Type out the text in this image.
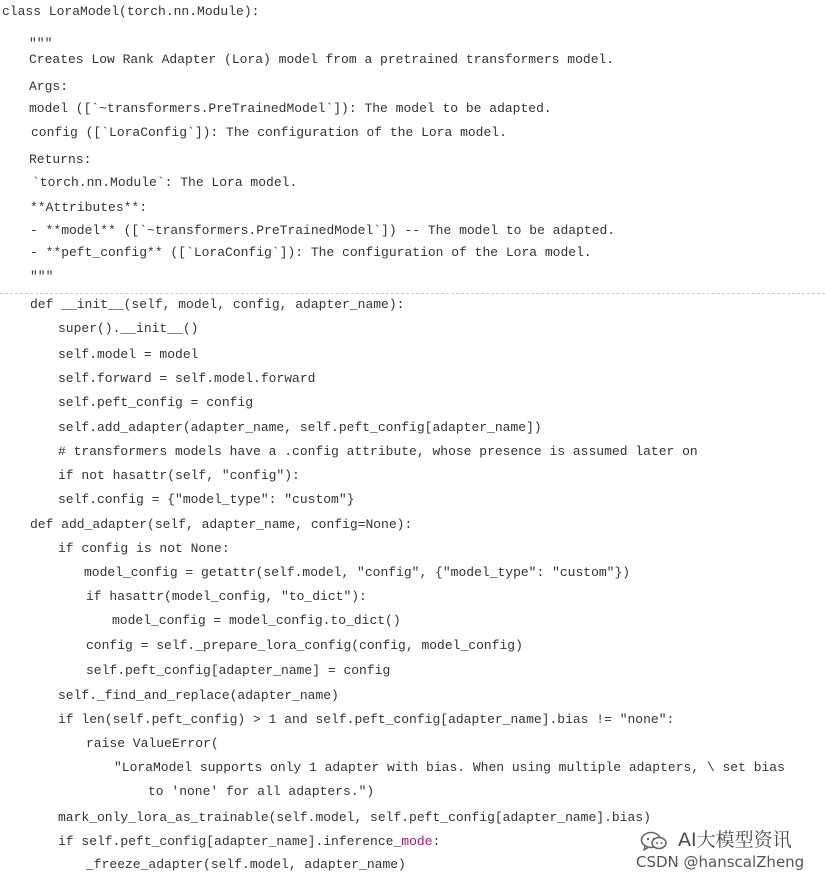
class LoraModel(torch.nn.Module):
"""
Creates Low Rank Adapter (Lora) model from a pretrained transformers model.
Args:
model ([`~transformers.PreTrainedModel`]): The model to be adapted.
config ([`LoraConfig`]): The configuration of the Lora model.
Returns:
`torch.nn.Module`: The Lora model.
**Attributes**:
- **model** ([`~transformers.PreTrainedModel`]) -- The model to be adapted.
- **peft_config** ([`LoraConfig`]): The configuration of the Lora model.
"""
def __init__(self, model, config, adapter_name):
super().__init__()
self.model = model
self.forward = self.model.forward
self.peft_config = config
self.add_adapter(adapter_name, self.peft_config[adapter_name])
# transformers models have a .config attribute, whose presence is assumed later on
if not hasattr(self, "config"):
self.config = {"model_type": "custom"}
def add_adapter(self, adapter_name, config=None):
if config is not None:
model_config = getattr(self.model, "config", {"model_type": "custom"})
if hasattr(model_config, "to_dict"):
model_config = model_config.to_dict()
config = self._prepare_lora_config(config, model_config)
self.peft_config[adapter_name] = config
self._find_and_replace(adapter_name)
if len(self.peft_config) > 1 and self.peft_config[adapter_name].bias != "none":
raise ValueError(
"LoraModel supports only 1 adapter with bias. When using multiple adapters, \ set bias
to 'none' for all adapters.")
mark_only_lora_as_trainable(self.model, self.peft_config[adapter_name].bias)
if self.peft_config[adapter_name].inference_mode:
_freeze_adapter(self.model, adapter_name)
AI大模型资讯
CSDN @hanscalZheng
